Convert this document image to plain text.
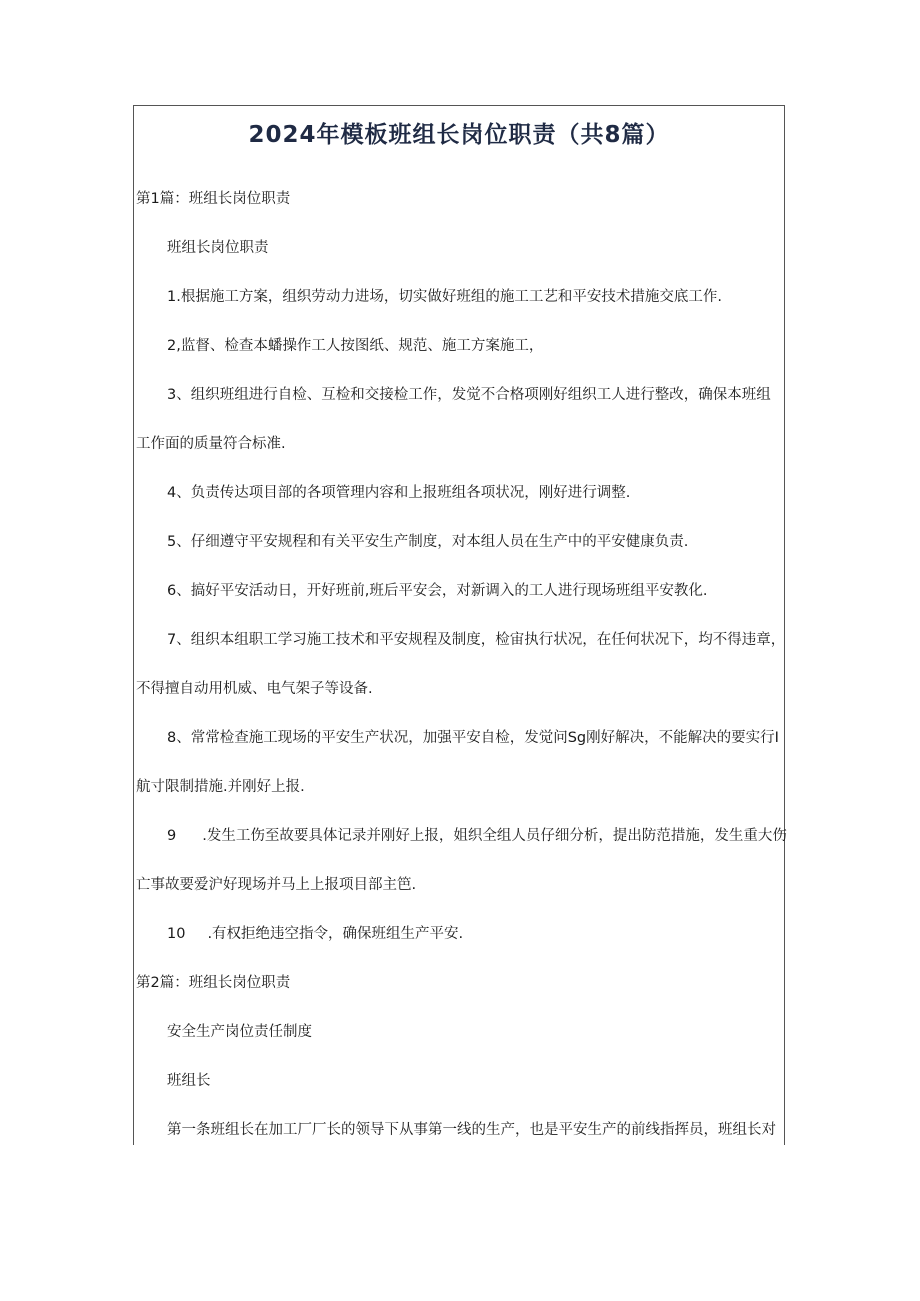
2024年模板班组长岗位职责（共8篇）
第1篇：班组长岗位职责
班组长岗位职责
1.根据施工方案，组织劳动力进场，切实做好班组的施工工艺和平安技术措施交底工作.
2,监督、检查本蟠操作工人按图纸、规范、施工方案施工，
3、组织班组进行自检、互检和交接检工作，发觉不合格项刚好组织工人进行整改，确保本班组
工作面的质量符合标准.
4、负责传达项目部的各项管理内容和上报班组各项状况，刚好进行调整.
5、仔细遵守平安规程和有关平安生产制度，对本组人员在生产中的平安健康负责.
6、搞好平安活动日，开好班前,班后平安会，对新调入的工人进行现场班组平安教化.
7、组织本组职工学习施工技术和平安规程及制度，检宙执行状况，在任何状况下，均不得违章，
不得擅自动用机威、电气架子等设备.
8、常常检查施工现场的平安生产状况，加强平安自检，发觉问Sg刚好解决，不能解决的要实行I
航寸限制措施.并刚好上报.
9 .发生工伤至故要具体记录并刚好上报，姐织全组人员仔细分析，提出防范措施，发生重大伤
亡事故要爱沪好现场并马上上报项目部主笆.
10 .有权拒绝违空指令，确保班组生产平安.
第2篇：班组长岗位职责
安全生产岗位责任制度
班组长
第一条班组长在加工厂厂长的领导下从事第一线的生产，也是平安生产的前线指挥员，班组长对
